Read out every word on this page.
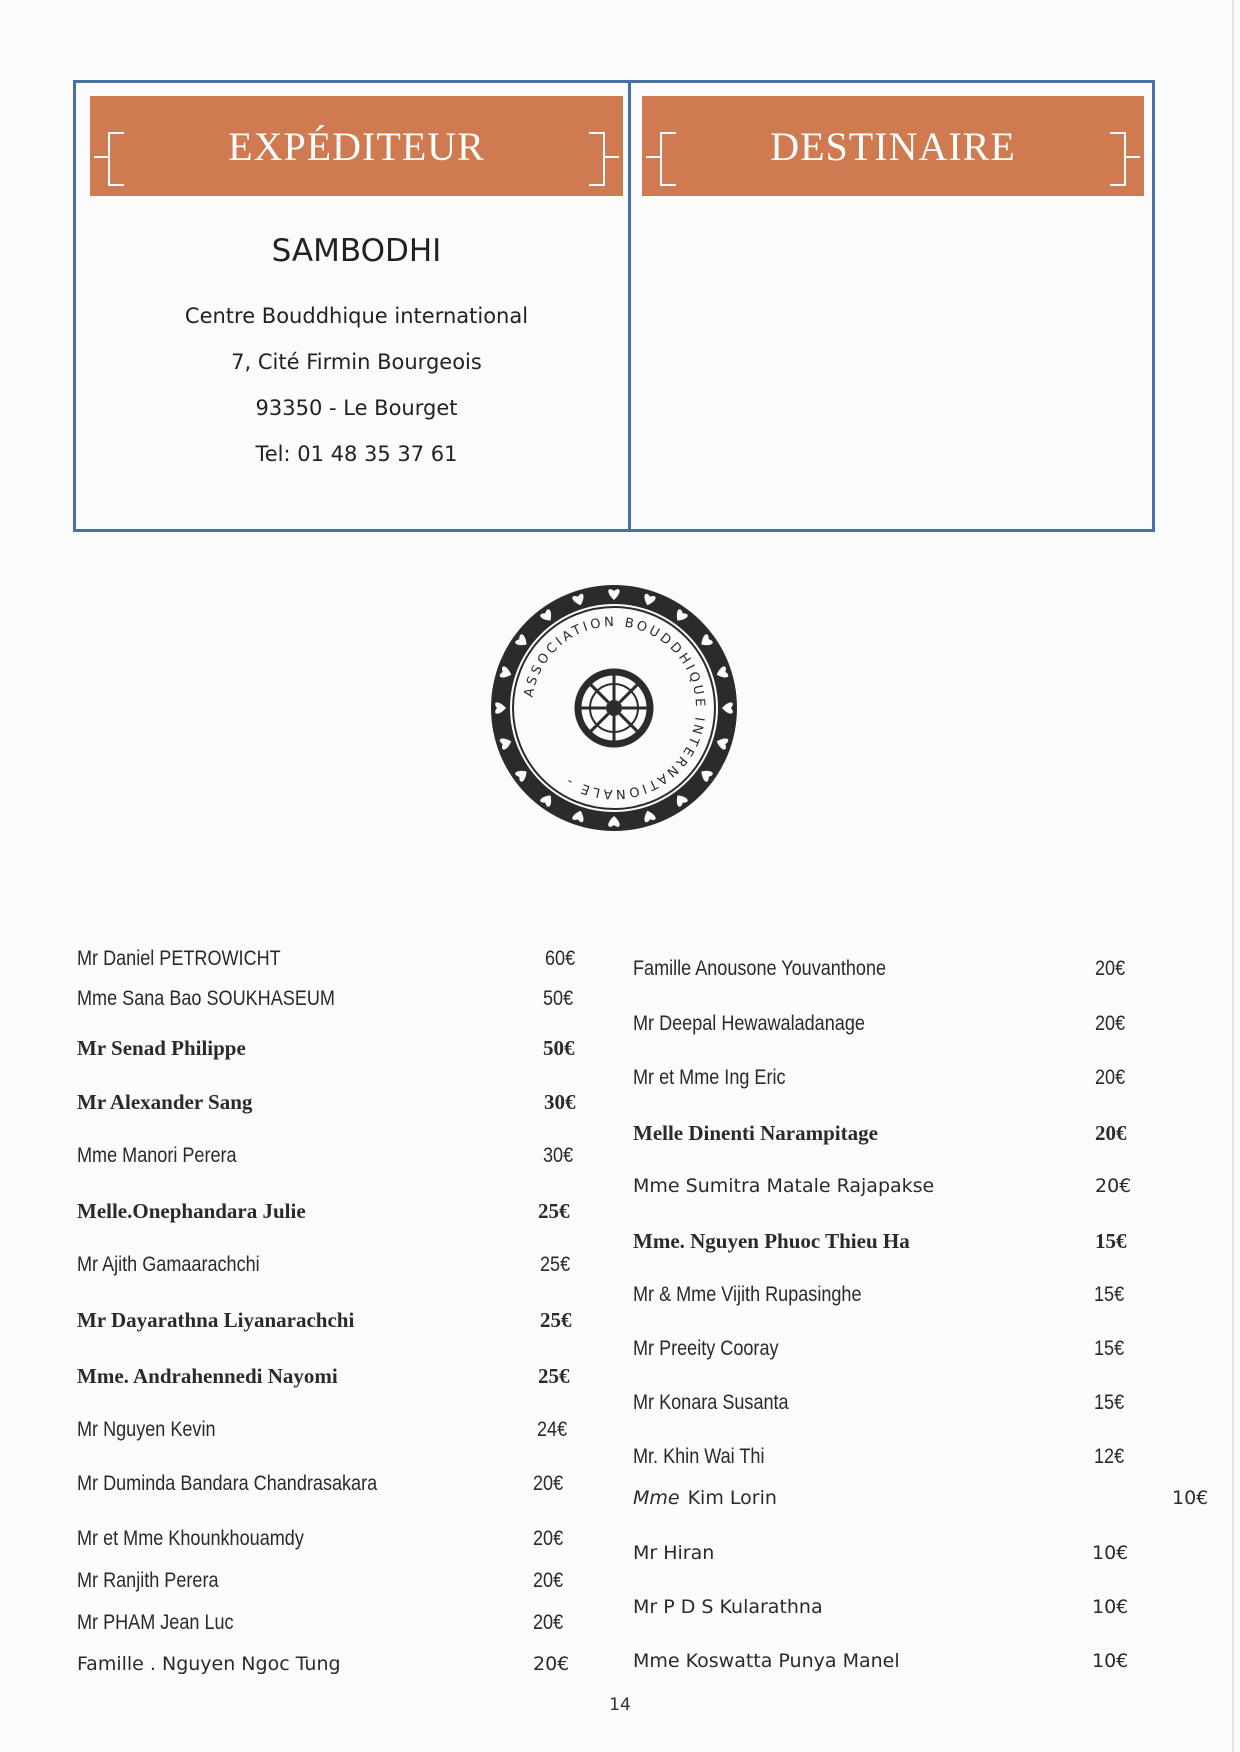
EXPÉDITEUR	DESTINAIRE
SAMBODHI
Centre Bouddhique international
7, Cité Firmin Bourgeois
93350 - Le Bourget
Tel: 01 48 35 37 61
ASSOCIATION BOUDDHIQUE INTERNATIONALE -
Mr Daniel PETROWICHT	60€
Mme Sana Bao SOUKHASEUM	50€
Mr Senad Philippe	50€
Mr Alexander Sang	30€
Mme Manori Perera	30€
Melle.Onephandara Julie	25€
Mr Ajith Gamaarachchi	25€
Mr Dayarathna Liyanarachchi	25€
Mme. Andrahennedi Nayomi	25€
Mr Nguyen Kevin	24€
Mr Duminda Bandara Chandrasakara	20€
Mr et Mme Khounkhouamdy	20€
Mr Ranjith Perera	20€
Mr PHAM Jean Luc	20€
Famille . Nguyen Ngoc Tung	20€
Famille Anousone Youvanthone	20€
Mr Deepal Hewawaladanage	20€
Mr et Mme Ing Eric	20€
Melle Dinenti Narampitage	20€
Mme Sumitra Matale Rajapakse	20€
Mme. Nguyen Phuoc Thieu Ha	15€
Mr & Mme Vijith Rupasinghe	15€
Mr Preeity Cooray	15€
Mr Konara Susanta	15€
Mr. Khin Wai Thi	12€
Mme Kim Lorin	10€
Mr Hiran	10€
Mr P D S Kularathna	10€
Mme Koswatta Punya Manel	10€
14
